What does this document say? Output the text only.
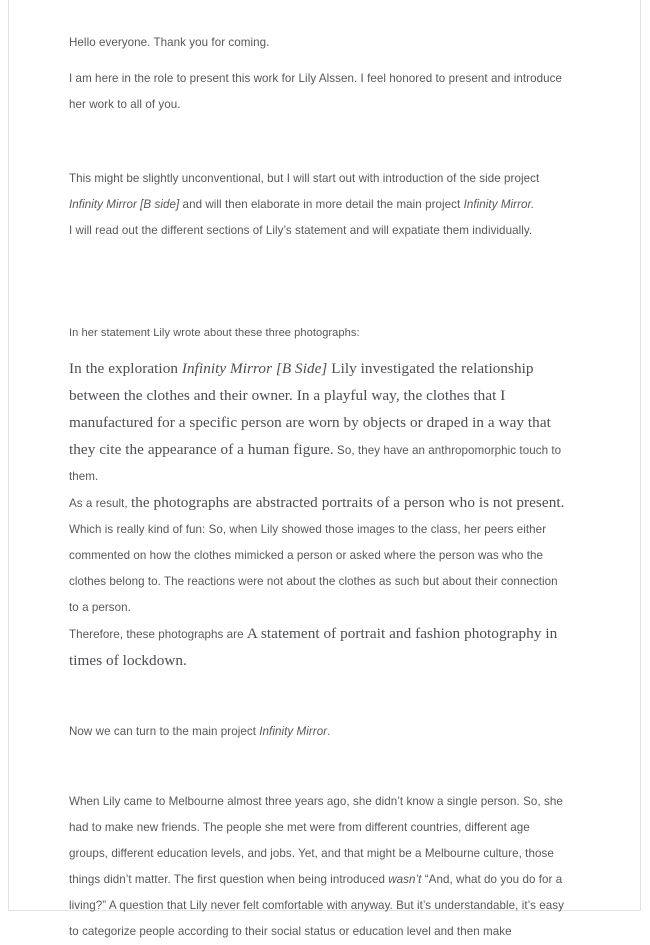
Hello everyone. Thank you for coming.

I am here in the role to present this work for Lily Alssen. I feel honored to present and introduce her work to all of you.

This might be slightly unconventional, but I will start out with introduction of the side project Infinity Mirror [B side] and will then elaborate in more detail the main project Infinity Mirror.

I will read out the different sections of Lily’s statement and will expatiate them individually.

In her statement Lily wrote about these three photographs:

In the exploration Infinity Mirror [B Side] Lily investigated the relationship between the clothes and their owner. In a playful way, the clothes that I manufactured for a specific person are worn by objects or draped in a way that they cite the appearance of a human figure. So, they have an anthropomorphic touch to them.

As a result, the photographs are abstracted portraits of a person who is not present.

Which is really kind of fun: So, when Lily showed those images to the class, her peers either commented on how the clothes mimicked a person or asked where the person was who the clothes belong to. The reactions were not about the clothes as such but about their connection to a person.

Therefore, these photographs are A statement of portrait and fashion photography in times of lockdown.

Now we can turn to the main project Infinity Mirror.

When Lily came to Melbourne almost three years ago, she didn’t know a single person. So, she had to make new friends. The people she met were from different countries, different age groups, different education levels, and jobs. Yet, and that might be a Melbourne culture, those things didn’t matter. The first question when being introduced wasn’t “And, what do you do for a living?” A question that Lily never felt comfortable with anyway. But it’s understandable, it’s easy to categorize people according to their social status or education level and then make
